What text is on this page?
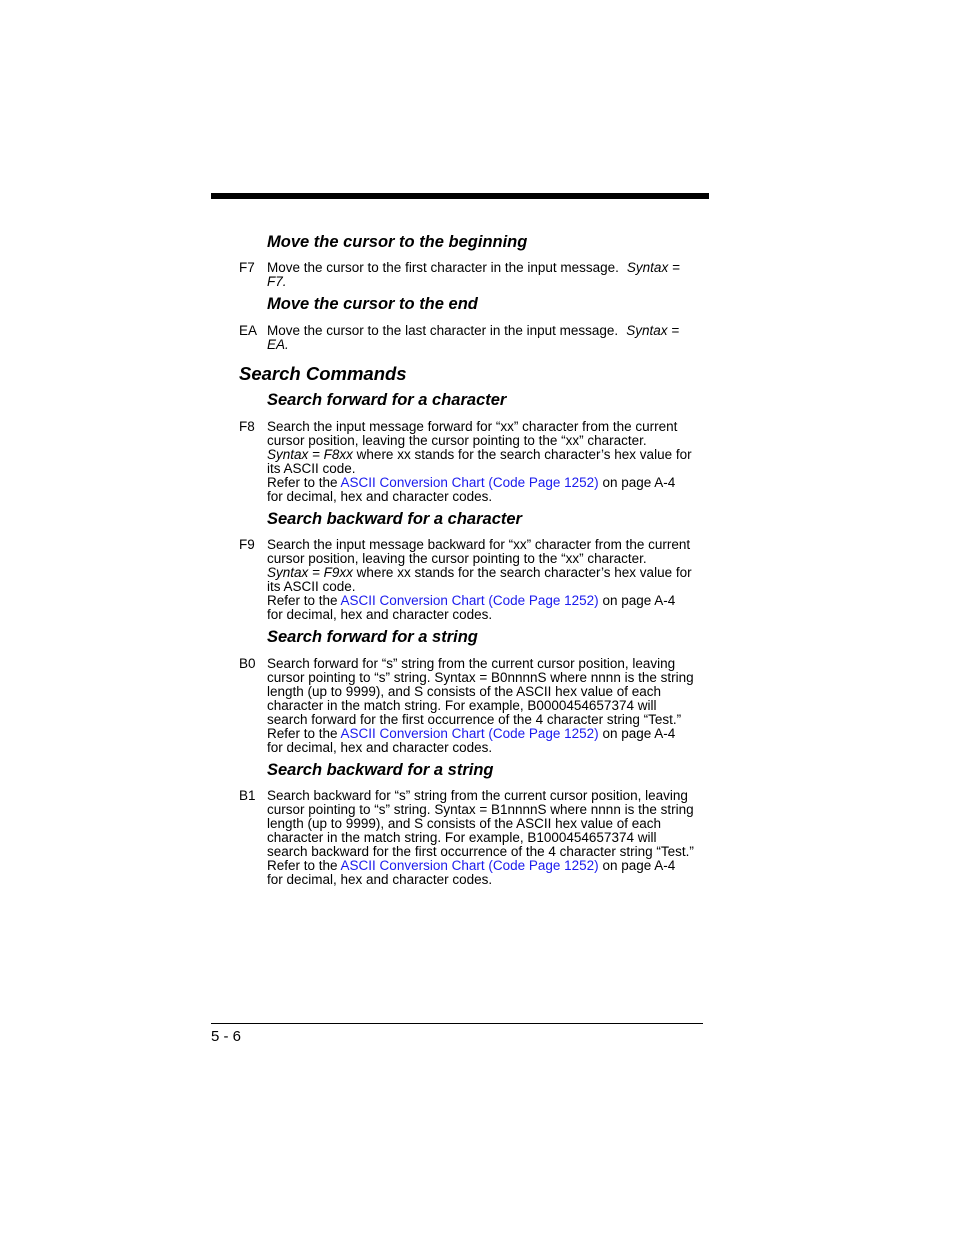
Move the cursor to the beginning
F7 Move the cursor to the first character in the input message. Syntax =
F7.
Move the cursor to the end
EA Move the cursor to the last character in the input message. Syntax =
EA.
Search Commands
Search forward for a character
F8 Search the input message forward for “xx” character from the current
cursor position, leaving the cursor pointing to the “xx” character.
Syntax = F8xx where xx stands for the search character’s hex value for
its ASCII code.
Refer to the ASCII Conversion Chart (Code Page 1252) on page A-4
for decimal, hex and character codes.
Search backward for a character
F9 Search the input message backward for “xx” character from the current
cursor position, leaving the cursor pointing to the “xx” character.
Syntax = F9xx where xx stands for the search character’s hex value for
its ASCII code.
Refer to the ASCII Conversion Chart (Code Page 1252) on page A-4
for decimal, hex and character codes.
Search forward for a string
B0 Search forward for “s” string from the current cursor position, leaving
cursor pointing to “s” string. Syntax = B0nnnnS where nnnn is the string
length (up to 9999), and S consists of the ASCII hex value of each
character in the match string. For example, B0000454657374 will
search forward for the first occurrence of the 4 character string “Test.”
Refer to the ASCII Conversion Chart (Code Page 1252) on page A-4
for decimal, hex and character codes.
Search backward for a string
B1 Search backward for “s” string from the current cursor position, leaving
cursor pointing to “s” string. Syntax = B1nnnnS where nnnn is the string
length (up to 9999), and S consists of the ASCII hex value of each
character in the match string. For example, B1000454657374 will
search backward for the first occurrence of the 4 character string “Test.”
Refer to the ASCII Conversion Chart (Code Page 1252) on page A-4
for decimal, hex and character codes.
5 - 6
